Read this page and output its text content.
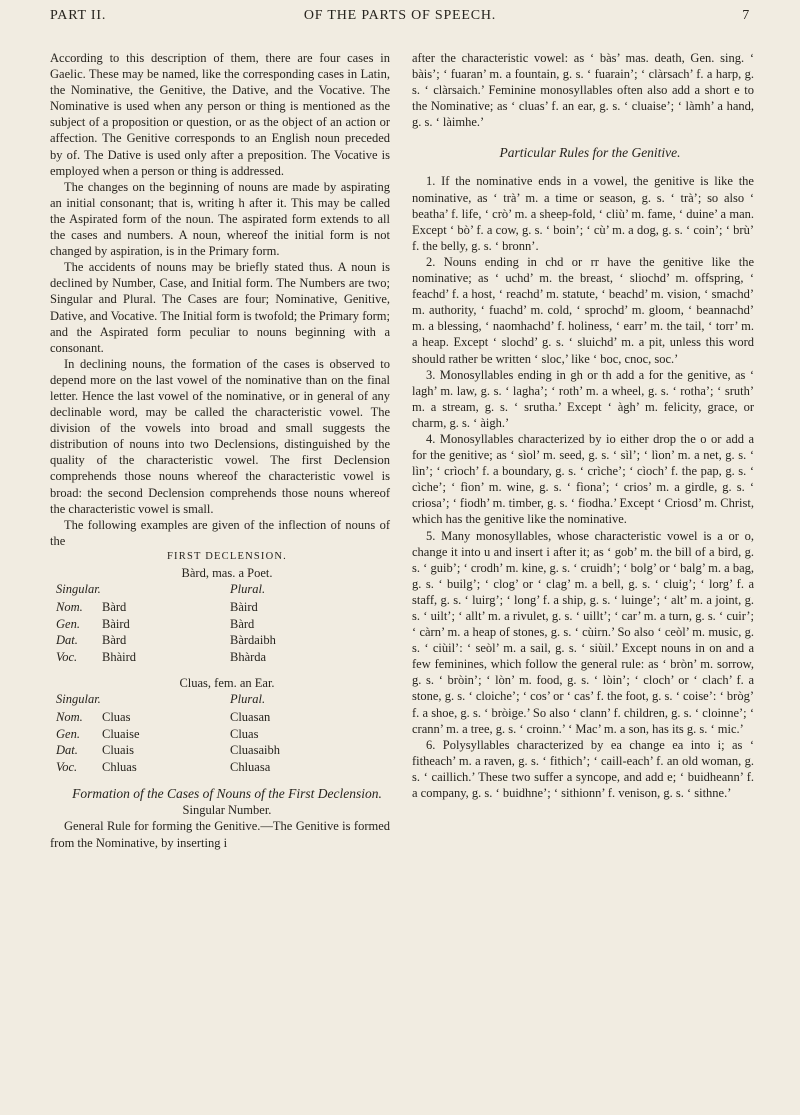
PART II.	OF THE PARTS OF SPEECH.	7

According to this description of them, there are four cases in Gaelic. These may be named, like the corresponding cases in Latin, the Nominative, the Genitive, the Dative, and the Vocative. The Nominative is used when any person or thing is mentioned as the subject of a proposition or question, or as the object of an action or affection. The Genitive corresponds to an English noun preceded by of. The Dative is used only after a preposition. The Vocative is employed when a person or thing is addressed.

The changes on the beginning of nouns are made by aspirating an initial consonant; that is, writing h after it. This may be called the Aspirated form of the noun. The aspirated form extends to all the cases and numbers. A noun, whereof the initial form is not changed by aspiration, is in the Primary form.

The accidents of nouns may be briefly stated thus. A noun is declined by Number, Case, and Initial form. The Numbers are two; Singular and Plural. The Cases are four; Nominative, Genitive, Dative, and Vocative. The Initial form is twofold; the Primary form; and the Aspirated form peculiar to nouns beginning with a consonant.

In declining nouns, the formation of the cases is observed to depend more on the last vowel of the nominative than on the final letter. Hence the last vowel of the nominative, or in general of any declinable word, may be called the characteristic vowel. The division of the vowels into broad and small suggests the distribution of nouns into two Declensions, distinguished by the quality of the characteristic vowel. The first Declension comprehends those nouns whereof the characteristic vowel is broad: the second Declension comprehends those nouns whereof the characteristic vowel is small.

The following examples are given of the inflection of nouns of the

FIRST DECLENSION.

Bàrd, mas. a Poet.

Singular.		Plural.
Nom.	Bàrd	Bàird
Gen.	Bàird	Bàrd
Dat.	Bàrd	Bàrdaibh
Voc.	Bhàird	Bhàrda

Cluas, fem. an Ear.

Singular.		Plural.
Nom.	Cluas	Cluasan
Gen.	Cluaise	Cluas
Dat.	Cluais	Cluasaibh
Voc.	Chluas	Chluasa

Formation of the Cases of Nouns of the First Declension.

Singular Number.

General Rule for forming the Genitive.—The Genitive is formed from the Nominative, by inserting i

after the characteristic vowel: as ‘ bàs’ mas. death, Gen. sing. ‘ bàis’; ‘ fuaran’ m. a fountain, g. s. ‘ fuarain’; ‘ clàrsach’ f. a harp, g. s. ‘ clàrsaich.’ Feminine monosyllables often also add a short e to the Nominative; as ‘ cluas’ f. an ear, g. s. ‘ cluaise’; ‘ làmh’ a hand, g. s. ‘ làimhe.’

Particular Rules for the Genitive.

1. If the nominative ends in a vowel, the genitive is like the nominative, as ‘ trà’ m. a time or season, g. s. ‘ trà’; so also ‘ beatha’ f. life, ‘ crò’ m. a sheep-fold, ‘ cliù’ m. fame, ‘ duine’ a man. Except ‘ bò’ f. a cow, g. s. ‘ boin’; ‘ cù’ m. a dog, g. s. ‘ coin’; ‘ brù’ f. the belly, g. s. ‘ bronn’.

2. Nouns ending in chd or rr have the genitive like the nominative; as ‘ uchd’ m. the breast, ‘ sliochd’ m. offspring, ‘ feachd’ f. a host, ‘ reachd’ m. statute, ‘ beachd’ m. vision, ‘ smachd’ m. authority, ‘ fuachd’ m. cold, ‘ sprochd’ m. gloom, ‘ beannachd’ m. a blessing, ‘ naomhachd’ f. holiness, ‘ earr’ m. the tail, ‘ torr’ m. a heap. Except ‘ slochd’ g. s. ‘ sluichd’ m. a pit, unless this word should rather be written ‘ sloc,’ like ‘ boc, cnoc, soc.’

3. Monosyllables ending in gh or th add a for the genitive, as ‘ lagh’ m. law, g. s. ‘ lagha’; ‘ roth’ m. a wheel, g. s. ‘ rotha’; ‘ sruth’ m. a stream, g. s. ‘ srutha.’ Except ‘ àgh’ m. felicity, grace, or charm, g. s. ‘ àigh.’

4. Monosyllables characterized by io either drop the o or add a for the genitive; as ‘ sìol’ m. seed, g. s. ‘ sìl’; ‘ lìon’ m. a net, g. s. ‘ lìn’; ‘ crìoch’ f. a boundary, g. s. ‘ crìche’; ‘ cìoch’ f. the pap, g. s. ‘ cìche’; ‘ fìon’ m. wine, g. s. ‘ fìona’; ‘ crios’ m. a girdle, g. s. ‘ criosa’; ‘ fiodh’ m. timber, g. s. ‘ fiodha.’ Except ‘ Criosd’ m. Christ, which has the genitive like the nominative.

5. Many monosyllables, whose characteristic vowel is a or o, change it into u and insert i after it; as ‘ gob’ m. the bill of a bird, g. s. ‘ guib’; ‘ crodh’ m. kine, g. s. ‘ cruidh’; ‘ bolg’ or ‘ balg’ m. a bag, g. s. ‘ builg’; ‘ clog’ or ‘ clag’ m. a bell, g. s. ‘ cluig’; ‘ lorg’ f. a staff, g. s. ‘ luirg’; ‘ long’ f. a ship, g. s. ‘ luinge’; ‘ alt’ m. a joint, g. s. ‘ uilt’; ‘ allt’ m. a rivulet, g. s. ‘ uillt’; ‘ car’ m. a turn, g. s. ‘ cuir’; ‘ càrn’ m. a heap of stones, g. s. ‘ cùirn.’ So also ‘ ceòl’ m. music, g. s. ‘ ciùil’: ‘ seòl’ m. a sail, g. s. ‘ siùil.’ Except nouns in on and a few feminines, which follow the general rule: as ‘ bròn’ m. sorrow, g. s. ‘ bròin’; ‘ lòn’ m. food, g. s. ‘ lòin’; ‘ cloch’ or ‘ clach’ f. a stone, g. s. ‘ cloiche’; ‘ cos’ or ‘ cas’ f. the foot, g. s. ‘ coise’: ‘ bròg’ f. a shoe, g. s. ‘ bròige.’ So also ‘ clann’ f. children, g. s. ‘ cloinne’; ‘ crann’ m. a tree, g. s. ‘ croinn.’ ‘ Mac’ m. a son, has its g. s. ‘ mic.’

6. Polysyllables characterized by ea change ea into i; as ‘ fitheach’ m. a raven, g. s. ‘ fithich’; ‘ caill-each’ f. an old woman, g. s. ‘ caillich.’ These two suffer a syncope, and add e; ‘ buidheann’ f. a company, g. s. ‘ buidhne’; ‘ sithionn’ f. venison, g. s. ‘ sithne.’
